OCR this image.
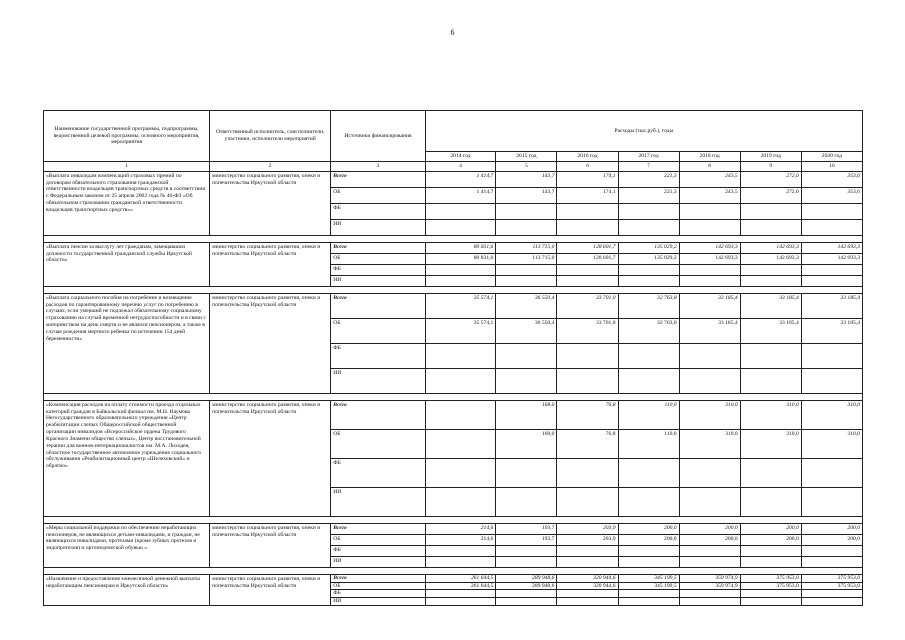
6
Наименование государственной программы, подпрограммы, ведомственной целевой программы, основного мероприятия, мероприятия	Ответственный исполнитель, соисполнители, участники, исполнители мероприятий	Источники финансирования	Расходы (тыс.руб.), годы						
			2014 год	2015 год	2016 год	2017 год	2018 год	2019 год	2020 год
1	2	3	4	5	6	7	8	9	10
«Выплата инвалидам компенсаций страховых премий по договорам обязательного страхования гражданской ответственности владельцев транспортных средств в соответствии с Федеральным законом от 25 апреля 2002 года № 40-ФЗ «Об обязательном страховании гражданской ответственности владельцев транспортных средств»»	министерство социального развития, опеки и попечительства Иркутской области	Всего	1 414,7	143,7	174,1	221,3	243,5	272,0	353,6
		ОБ	1 414,7	143,7	174,1	221,3	243,5	272,0	353,6
		ФБ							
		ИИ							

«Выплата пенсии за выслугу лет гражданам, замещавшим должности государственной гражданской службы Иркутской области»	министерство социального развития, опеки и попечительства Иркутской области	Всего	80 831,6	113 715,0	128 601,7	135 029,2	142 693,3	142 693,3	142 693,3
		ОБ	80 831,6	113 715,0	128 601,7	135 029,2	142 693,3	142 693,3	142 693,3
		ФБ							
		ИИ							

«Выплата социального пособия на погребение и возмещение расходов по гарантированному перечню услуг по погребению в случаях, если умерший не подлежал обязательному социальному страхованию на случай временной нетрудоспособности и в связи с материнством на день смерти и не являлся пенсионером, а также в случае рождения мертвого ребенка по истечении 154 дней беременности»	министерство социального развития, опеки и попечительства Иркутской области	Всего	35 574,1	36 550,4	33 701,0	32 763,8	33 185,4	33 185,4	33 185,4
		ОБ	35 574,1	36 550,4	33 701,0	32 763,8	33 185,4	33 185,4	33 185,4
		ФБ							
		ИИ							

«Компенсация расходов на оплату стоимости проезда отдельных категорий граждан в Байкальский филиал им. М.Н. Наумова Негосударственного образовательного учреждения «Центр реабилитации слепых Общероссийской общественной организации инвалидов «Всероссийское ордена Трудового Красного Знамени общество слепых», Центр восстановительной терапии для воинов-интернационалистов им. М.А. Лиходея, областное государственное автономное учреждение социального обслуживания «Реабилитационный центр «Шелеховский» и обратно»	министерство социального развития, опеки и попечительства Иркутской области	Всего		168,0	76,8	110,0	310,0	310,0	310,0
		ОБ		168,0	76,8	110,0	310,0	310,0	310,0
		ФБ							
		ИИ							

«Меры социальной поддержки по обеспечению неработающих пенсионеров, не являющихся детьми-инвалидами, и граждан, не являющихся инвалидами, протезами (кроме зубных протезов и эндопротезов) и ортопедической обувью »	министерство социального развития, опеки и попечительства Иркутской области	Всего	214,6	193,7	203,9	200,0	200,0	200,0	200,0
		ОБ	214,6	193,7	203,9	200,0	200,0	200,0	200,0
		ФБ							
		ИИ							

«Назначение и предоставление ежемесячной денежной выплаты неработающим пенсионерам в Иркутской области»	министерство социального развития, опеки и попечительства Иркутской области	Всего	261 644,5	289 948,6	320 944,6	345 199,5	359 974,9	375 953,0	375 953,0
		ОБ	261 644,5	289 948,6	320 944,6	345 199,5	359 974,9	375 953,0	375 953,0
		ФБ							
		ИИ							
